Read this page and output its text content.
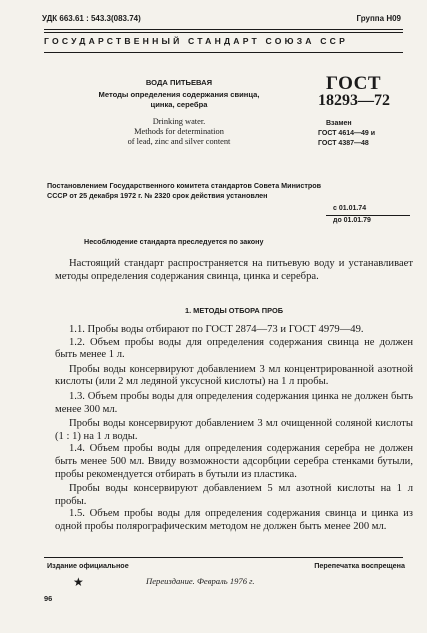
УДК 663.61 : 543.3(083.74)	Группа Н09
ГОСУДАРСТВЕННЫЙ СТАНДАРТ СОЮЗА ССР
ВОДА ПИТЬЕВАЯ
Методы определения содержания свинца,
цинка, серебра
Drinking water.
Methods for determination
of lead, zinc and silver content
ГОСТ
18293—72
Взамен
ГОСТ 4614—49 и
ГОСТ 4387—48
Постановлением Государственного комитета стандартов Совета Министров
СССР от 25 декабря 1972 г. № 2320 срок действия установлен
с 01.01.74
до 01.01.79
Несоблюдение стандарта преследуется по закону

Настоящий стандарт распространяется на питьевую воду и устанавливает методы определения содержания свинца, цинка и серебра.

1. МЕТОДЫ ОТБОРА ПРОБ

1.1. Пробы воды отбирают по ГОСТ 2874—73 и ГОСТ 4979—49.

1.2. Объем пробы воды для определения содержания свинца не должен быть менее 1 л.

Пробы воды консервируют добавлением 3 мл концентрированной азотной кислоты (или 2 мл ледяной уксусной кислоты) на 1 л пробы.

1.3. Объем пробы воды для определения содержания цинка не должен быть менее 300 мл.

Пробы воды консервируют добавлением 3 мл очищенной соляной кислоты (1 : 1) на 1 л воды.

1.4. Объем пробы воды для определения содержания серебра не должен быть менее 500 мл. Ввиду возможности адсорбции серебра стенками бутыли, пробы рекомендуется отбирать в бутыли из пластика.

Пробы воды консервируют добавлением 5 мл азотной кислоты на 1 л пробы.

1.5. Объем пробы воды для определения содержания свинца и цинка из одной пробы полярографическим методом не должен быть менее 200 мл.

Издание официальное	Перепечатка воспрещена
★	Переиздание. Февраль 1976 г.
96
